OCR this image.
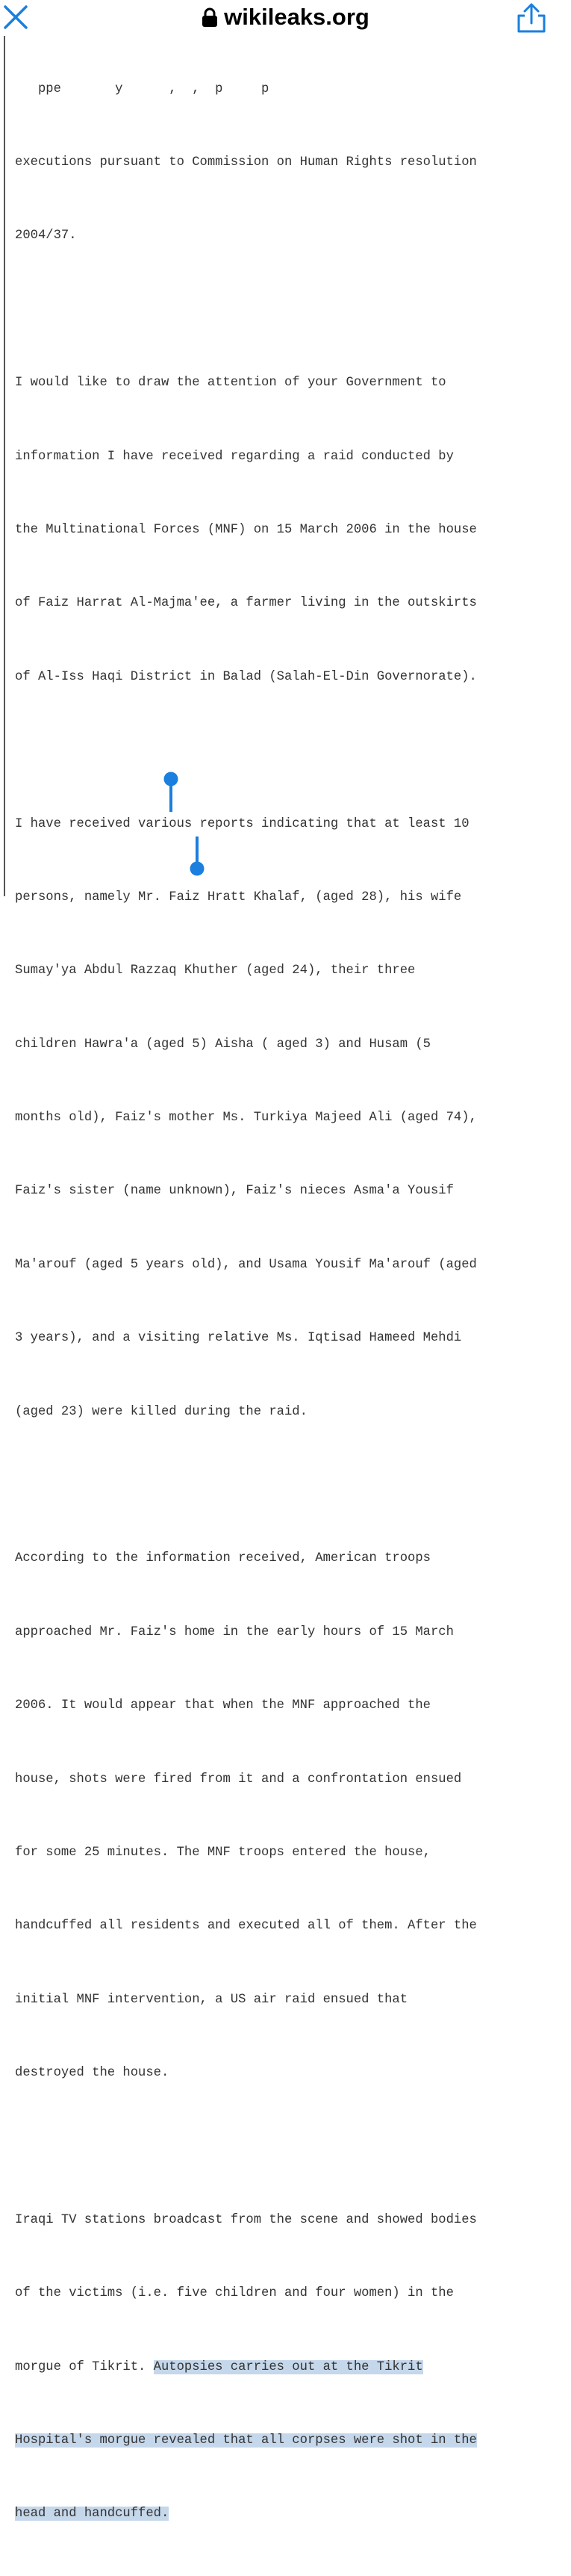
wikileaks.org

ppe       y      ,  ,  p     p

executions pursuant to Commission on Human Rights resolution

2004/37.

I would like to draw the attention of your Government to

information I have received regarding a raid conducted by

the Multinational Forces (MNF) on 15 March 2006 in the house

of Faiz Harrat Al-Majma'ee, a farmer living in the outskirts

of Al-Iss Haqi District in Balad (Salah-El-Din Governorate).

I have received various reports indicating that at least 10

persons, namely Mr. Faiz Hratt Khalaf, (aged 28), his wife

Sumay'ya Abdul Razzaq Khuther (aged 24), their three

children Hawra'a (aged 5) Aisha ( aged 3) and Husam (5

months old), Faiz's mother Ms. Turkiya Majeed Ali (aged 74),

Faiz's sister (name unknown), Faiz's nieces Asma'a Yousif

Ma'arouf (aged 5 years old), and Usama Yousif Ma'arouf (aged

3 years), and a visiting relative Ms. Iqtisad Hameed Mehdi

(aged 23) were killed during the raid.

According to the information received, American troops

approached Mr. Faiz's home in the early hours of 15 March

2006. It would appear that when the MNF approached the

house, shots were fired from it and a confrontation ensued

for some 25 minutes. The MNF troops entered the house,

handcuffed all residents and executed all of them. After the

initial MNF intervention, a US air raid ensued that

destroyed the house.

Iraqi TV stations broadcast from the scene and showed bodies

of the victims (i.e. five children and four women) in the

morgue of Tikrit. Autopsies carries out at the Tikrit

Hospital's morgue revealed that all corpses were shot in the

head and handcuffed.
